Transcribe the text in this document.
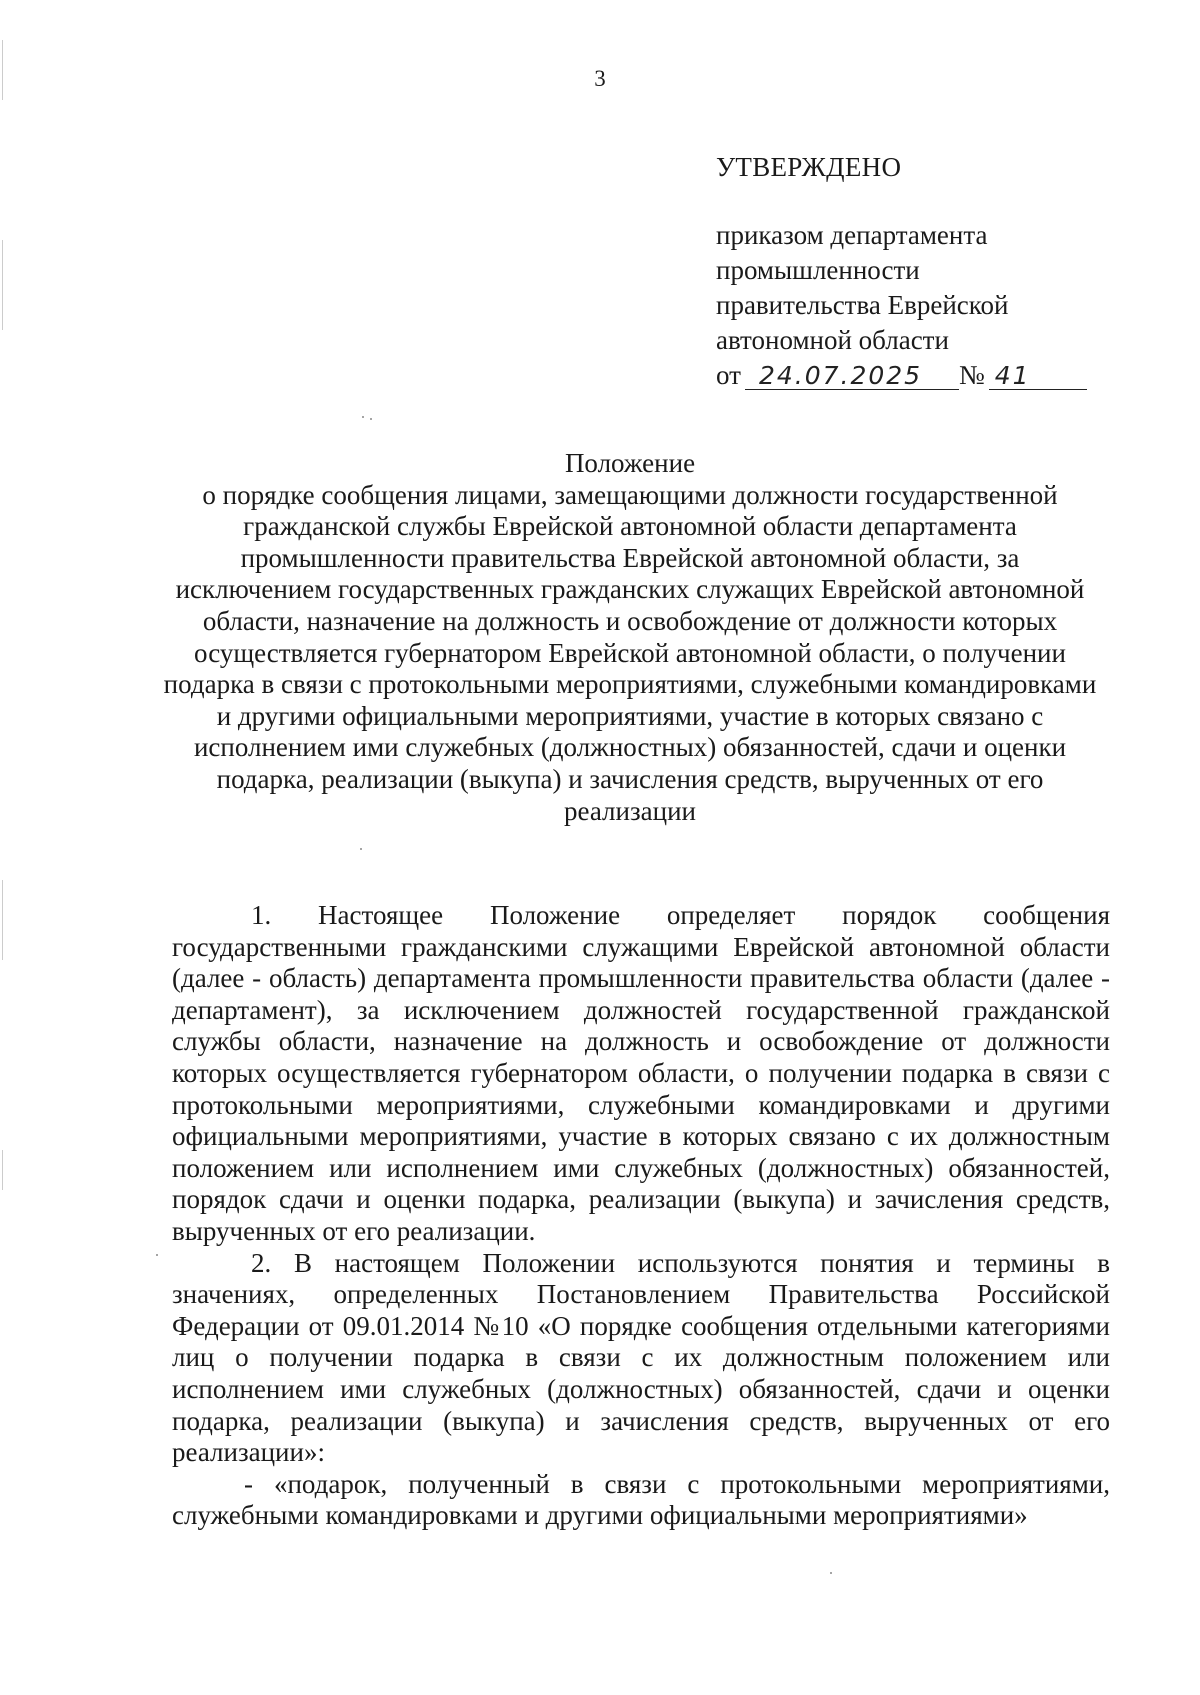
3
УТВЕРЖДЕНО
приказом департамента
промышленности
правительства Еврейской
автономной области
от 24.07.2025 № 41
Положение
о порядке сообщения лицами, замещающими должности государственной гражданской службы Еврейской автономной области департамента промышленности правительства Еврейской автономной области, за исключением государственных гражданских служащих Еврейской автономной области, назначение на должность и освобождение от должности которых осуществляется губернатором Еврейской автономной области, о получении подарка в связи с протокольными мероприятиями, служебными командировками и другими официальными мероприятиями, участие в которых связано с исполнением ими служебных (должностных) обязанностей, сдачи и оценки подарка, реализации (выкупа) и зачисления средств, вырученных от его реализации

1. Настоящее Положение определяет порядок сообщения государственными гражданскими служащими Еврейской автономной области (далее - область) департамента промышленности правительства области (далее - департамент), за исключением должностей государственной гражданской службы области, назначение на должность и освобождение от должности которых осуществляется губернатором области, о получении подарка в связи с протокольными мероприятиями, служебными командировками и другими официальными мероприятиями, участие в которых связано с их должностным положением или исполнением ими служебных (должностных) обязанностей, порядок сдачи и оценки подарка, реализации (выкупа) и зачисления средств, вырученных от его реализации.

2. В настоящем Положении используются понятия и термины в значениях, определенных Постановлением Правительства Российской Федерации от 09.01.2014 №10 «О порядке сообщения отдельными категориями лиц о получении подарка в связи с их должностным положением или исполнением ими служебных (должностных) обязанностей, сдачи и оценки подарка, реализации (выкупа) и зачисления средств, вырученных от его реализации»:

- «подарок, полученный в связи с протокольными мероприятиями, служебными командировками и другими официальными мероприятиями»
